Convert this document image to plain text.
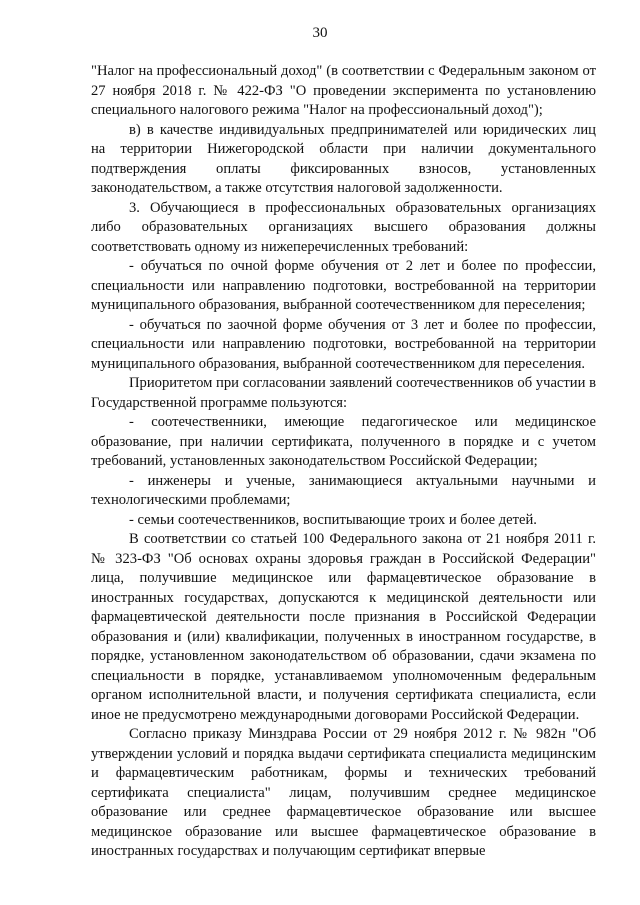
30

"Налог на профессиональный доход" (в соответствии с Федеральным законом от 27 ноября 2018 г. № 422-ФЗ "О проведении эксперимента по установлению специального налогового режима "Налог на профессиональный доход");

в) в качестве индивидуальных предпринимателей или юридических лиц на территории Нижегородской области при наличии документального подтверждения оплаты фиксированных взносов, установленных законодательством, а также отсутствия налоговой задолженности.

3. Обучающиеся в профессиональных образовательных организациях либо образовательных организациях высшего образования должны соответствовать одному из нижеперечисленных требований:

- обучаться по очной форме обучения от 2 лет и более по профессии, специальности или направлению подготовки, востребованной на территории муниципального образования, выбранной соотечественником для переселения;

- обучаться по заочной форме обучения от 3 лет и более по профессии, специальности или направлению подготовки, востребованной на территории муниципального образования, выбранной соотечественником для переселения.

Приоритетом при согласовании заявлений соотечественников об участии в Государственной программе пользуются:

- соотечественники, имеющие педагогическое или медицинское образование, при наличии сертификата, полученного в порядке и с учетом требований, установленных законодательством Российской Федерации;

- инженеры и ученые, занимающиеся актуальными научными и технологическими проблемами;

- семьи соотечественников, воспитывающие троих и более детей.

В соответствии со статьей 100 Федерального закона от 21 ноября 2011 г. № 323-ФЗ "Об основах охраны здоровья граждан в Российской Федерации" лица, получившие медицинское или фармацевтическое образование в иностранных государствах, допускаются к медицинской деятельности или фармацевтической деятельности после признания в Российской Федерации образования и (или) квалификации, полученных в иностранном государстве, в порядке, установленном законодательством об образовании, сдачи экзамена по специальности в порядке, устанавливаемом уполномоченным федеральным органом исполнительной власти, и получения сертификата специалиста, если иное не предусмотрено международными договорами Российской Федерации.

Согласно приказу Минздрава России от 29 ноября 2012 г. № 982н "Об утверждении условий и порядка выдачи сертификата специалиста медицинским и фармацевтическим работникам, формы и технических требований сертификата специалиста" лицам, получившим среднее медицинское образование или среднее фармацевтическое образование или высшее медицинское образование или высшее фармацевтическое образование в иностранных государствах и получающим сертификат впервые
